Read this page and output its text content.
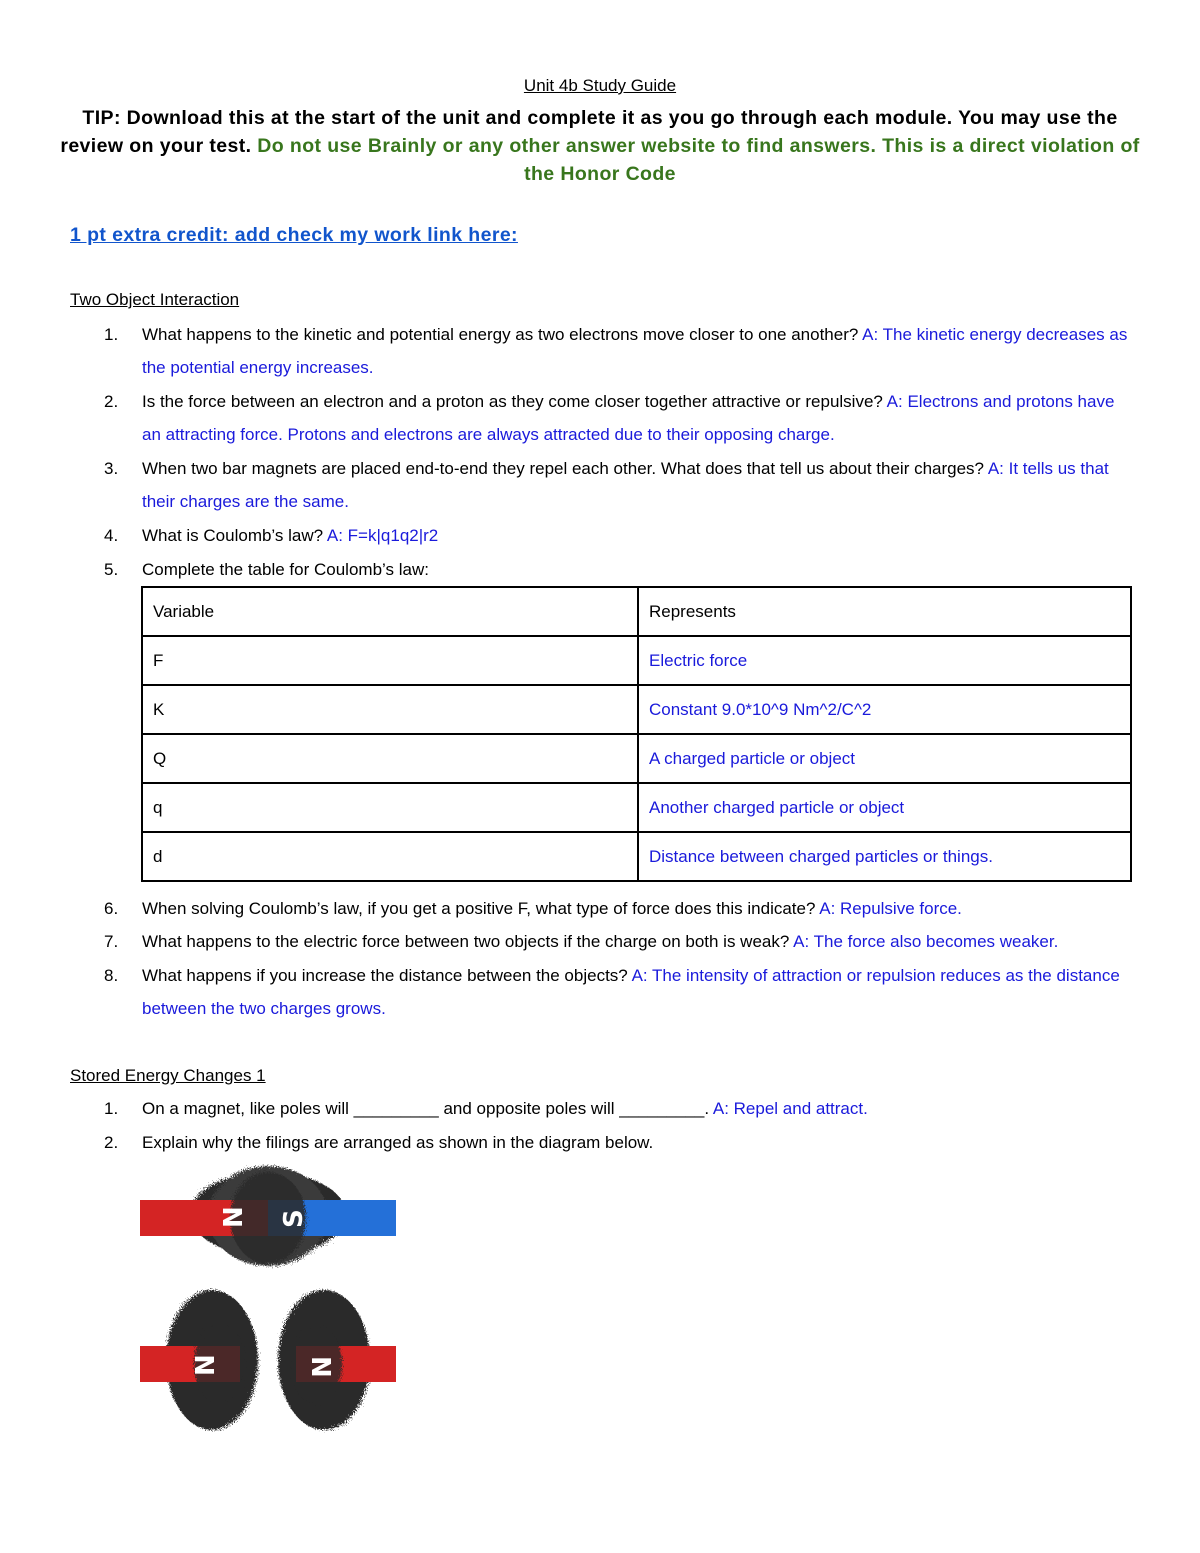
Unit 4b Study Guide
TIP: Download this at the start of the unit and complete it as you go through each module. You may use the review on your test. Do not use Brainly or any other answer website to find answers. This is a direct violation of the Honor Code
1 pt extra credit: add check my work link here:
Two Object Interaction
1. What happens to the kinetic and potential energy as two electrons move closer to one another? A: The kinetic energy decreases as the potential energy increases.
2. Is the force between an electron and a proton as they come closer together attractive or repulsive? A: Electrons and protons have an attracting force. Protons and electrons are always attracted due to their opposing charge.
3. When two bar magnets are placed end-to-end they repel each other. What does that tell us about their charges? A: It tells us that their charges are the same.
4. What is Coulomb’s law? A: F=k|q1q2|r2
5. Complete the table for Coulomb’s law:
Variable	Represents
F	Electric force
K	Constant 9.0*10^9 Nm^2/C^2
Q	A charged particle or object
q	Another charged particle or object
d	Distance between charged particles or things.
6. When solving Coulomb’s law, if you get a positive F, what type of force does this indicate? A: Repulsive force.
7. What happens to the electric force between two objects if the charge on both is weak? A: The force also becomes weaker.
8. What happens if you increase the distance between the objects? A: The intensity of attraction or repulsion reduces as the distance between the two charges grows.
Stored Energy Changes 1
1. On a magnet, like poles will _________ and opposite poles will _________. A: Repel and attract.
2. Explain why the filings are arranged as shown in the diagram below.
N S
N	N
